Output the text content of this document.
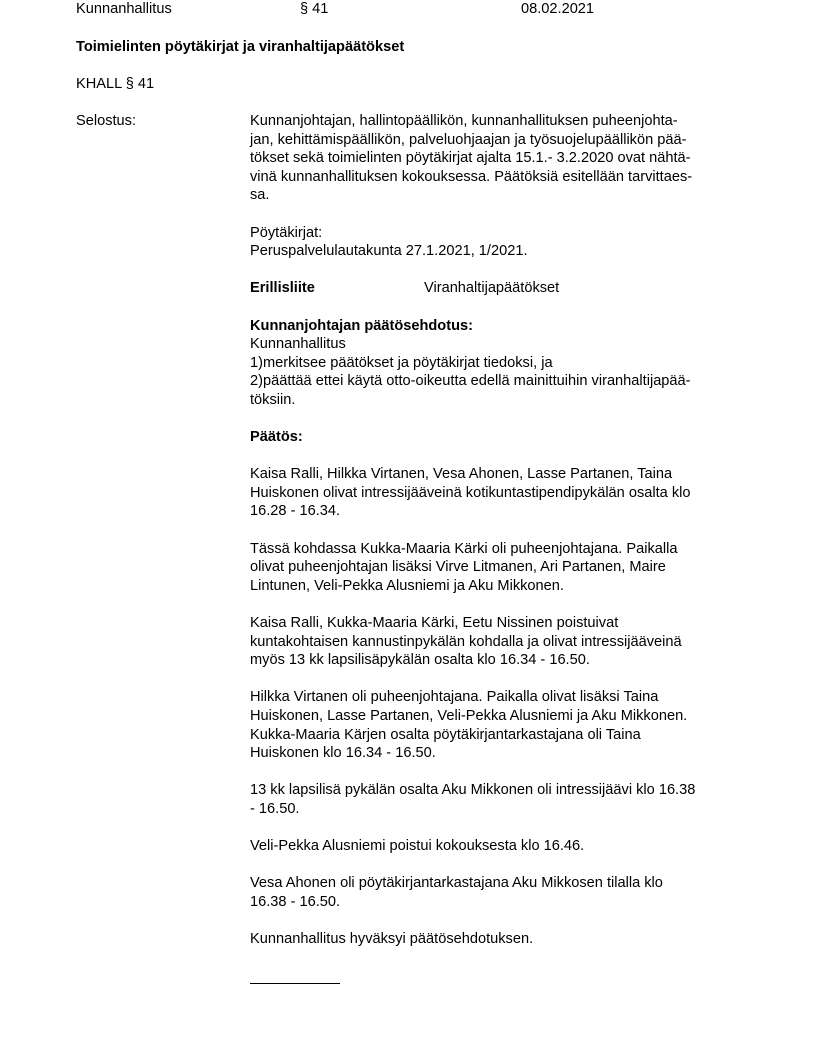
Kunnanhallitus	§ 41	08.02.2021
Toimielinten pöytäkirjat ja viranhaltijapäätökset
KHALL § 41
Selostus:	Kunnanjohtajan, hallintopäällikön, kunnanhallituksen puheenjohta-
jan, kehittämispäällikön, palveluohjaajan ja työsuojelupäällikön pää-
tökset sekä toimielinten pöytäkirjat ajalta 15.1.- 3.2.2020 ovat nähtä-
vinä kunnanhallituksen kokouksessa. Päätöksiä esitellään tarvittaes-
sa.

Pöytäkirjat:
Peruspalvelulautakunta 27.1.2021, 1/2021.

Erillisliite	Viranhaltijapäätökset

Kunnanjohtajan päätösehdotus:
Kunnanhallitus
1)merkitsee päätökset ja pöytäkirjat tiedoksi, ja
2)päättää ettei käytä otto-oikeutta edellä mainittuihin viranhaltijapää-
töksiin.

Päätös:

Kaisa Ralli, Hilkka Virtanen, Vesa Ahonen, Lasse Partanen, Taina
Huiskonen olivat intressijääveinä kotikuntastipendipykälän osalta klo
16.28 - 16.34.

Tässä kohdassa Kukka-Maaria Kärki oli puheenjohtajana. Paikalla
olivat puheenjohtajan lisäksi Virve Litmanen, Ari Partanen, Maire
Lintunen, Veli-Pekka Alusniemi ja Aku Mikkonen.

Kaisa Ralli, Kukka-Maaria Kärki, Eetu Nissinen poistuivat
kuntakohtaisen kannustinpykälän kohdalla ja olivat intressijääveinä
myös 13 kk lapsilisäpykälän osalta klo 16.34 - 16.50.

Hilkka Virtanen oli puheenjohtajana. Paikalla olivat lisäksi Taina
Huiskonen, Lasse Partanen, Veli-Pekka Alusniemi ja Aku Mikkonen.
Kukka-Maaria Kärjen osalta pöytäkirjantarkastajana oli Taina
Huiskonen klo 16.34 - 16.50.

13 kk lapsilisä pykälän osalta Aku Mikkonen oli intressijäävi klo 16.38
- 16.50.

Veli-Pekka Alusniemi poistui kokouksesta klo 16.46.

Vesa Ahonen oli pöytäkirjantarkastajana Aku Mikkosen tilalla klo
16.38 - 16.50.

Kunnanhallitus hyväksyi päätösehdotuksen.
